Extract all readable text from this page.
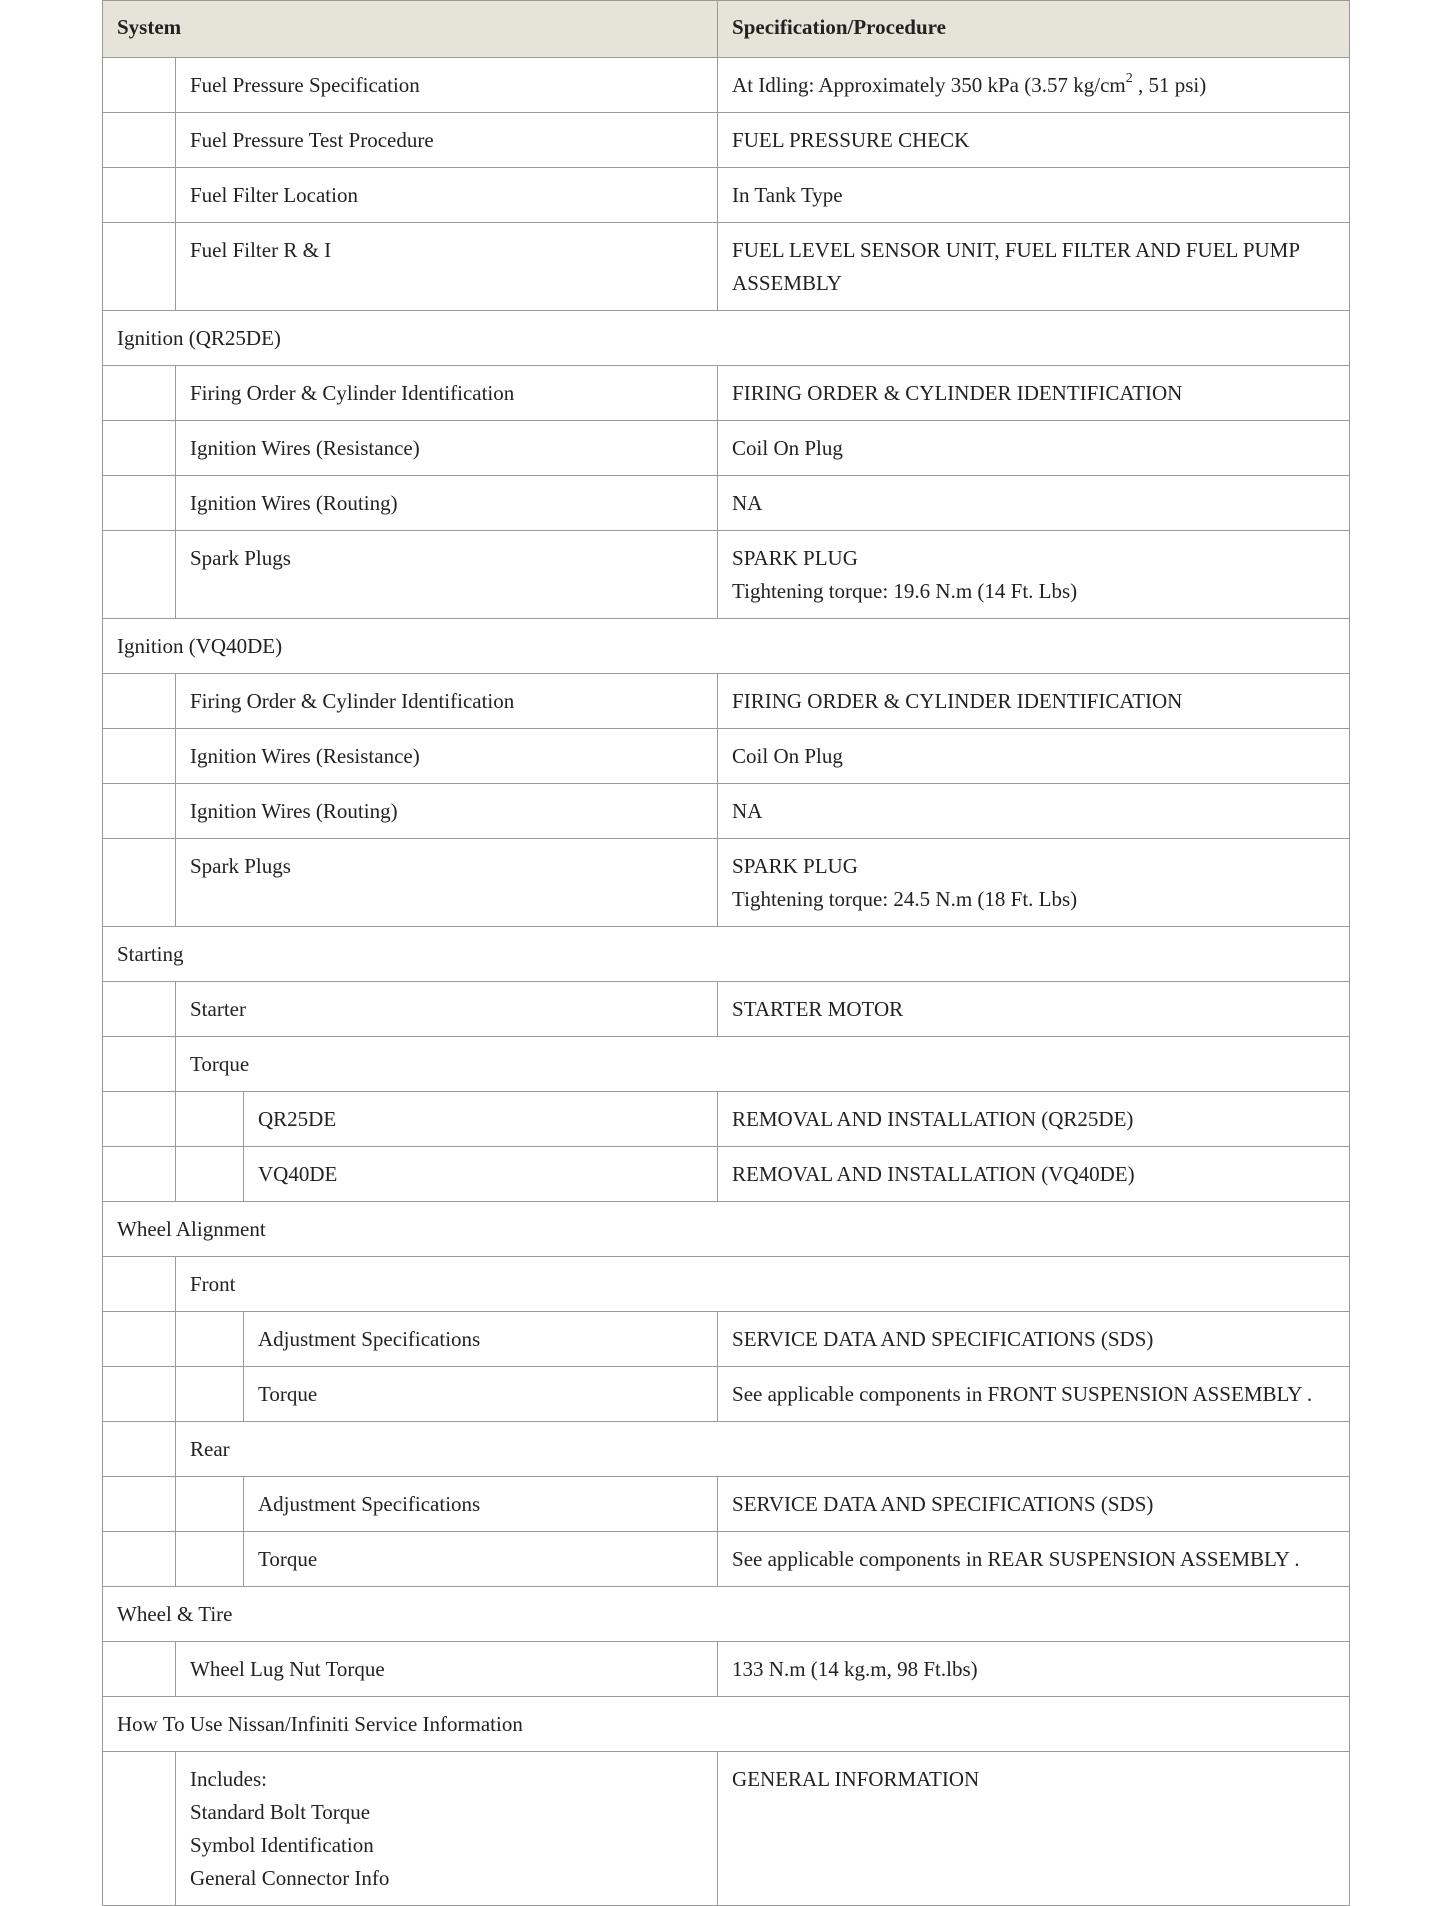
System			Specification/Procedure
	Fuel Pressure Specification		At Idling: Approximately 350 kPa (3.57 $kg/cm^2$ , 51 psi)
	Fuel Pressure Test Procedure		FUEL PRESSURE CHECK
	Fuel Filter Location		In Tank Type
	Fuel Filter R & I		FUEL LEVEL SENSOR UNIT, FUEL FILTER AND FUEL PUMP ASSEMBLY
Ignition (QR25DE)			
	Firing Order & Cylinder Identification		FIRING ORDER & CYLINDER IDENTIFICATION
	Ignition Wires (Resistance)		Coil On Plug
	Ignition Wires (Routing)		NA
	Spark Plugs		SPARK PLUG
Tightening torque: 19.6 N.m (14 Ft. Lbs)

Ignition (VQ40DE)			
	Firing Order & Cylinder Identification		FIRING ORDER & CYLINDER IDENTIFICATION
	Ignition Wires (Resistance)		Coil On Plug
	Ignition Wires (Routing)		NA
	Spark Plugs		SPARK PLUG
Tightening torque: 24.5 N.m (18 Ft. Lbs)

Starting			
	Starter		STARTER MOTOR
	Torque		
		QR25DE	REMOVAL AND INSTALLATION (QR25DE)
		VQ40DE	REMOVAL AND INSTALLATION (VQ40DE)
Wheel Alignment			
	Front		
		Adjustment Specifications	SERVICE DATA AND SPECIFICATIONS (SDS)
		Torque	See applicable components in FRONT SUSPENSION ASSEMBLY .
	Rear		
		Adjustment Specifications	SERVICE DATA AND SPECIFICATIONS (SDS)
		Torque	See applicable components in REAR SUSPENSION ASSEMBLY .
Wheel & Tire			
	Wheel Lug Nut Torque		133 N.m (14 kg.m, 98 Ft.lbs)
How To Use Nissan/Infiniti Service Information			

	Includes:
Standard Bolt Torque
Symbol Identification
General Connector Info		GENERAL INFORMATION
